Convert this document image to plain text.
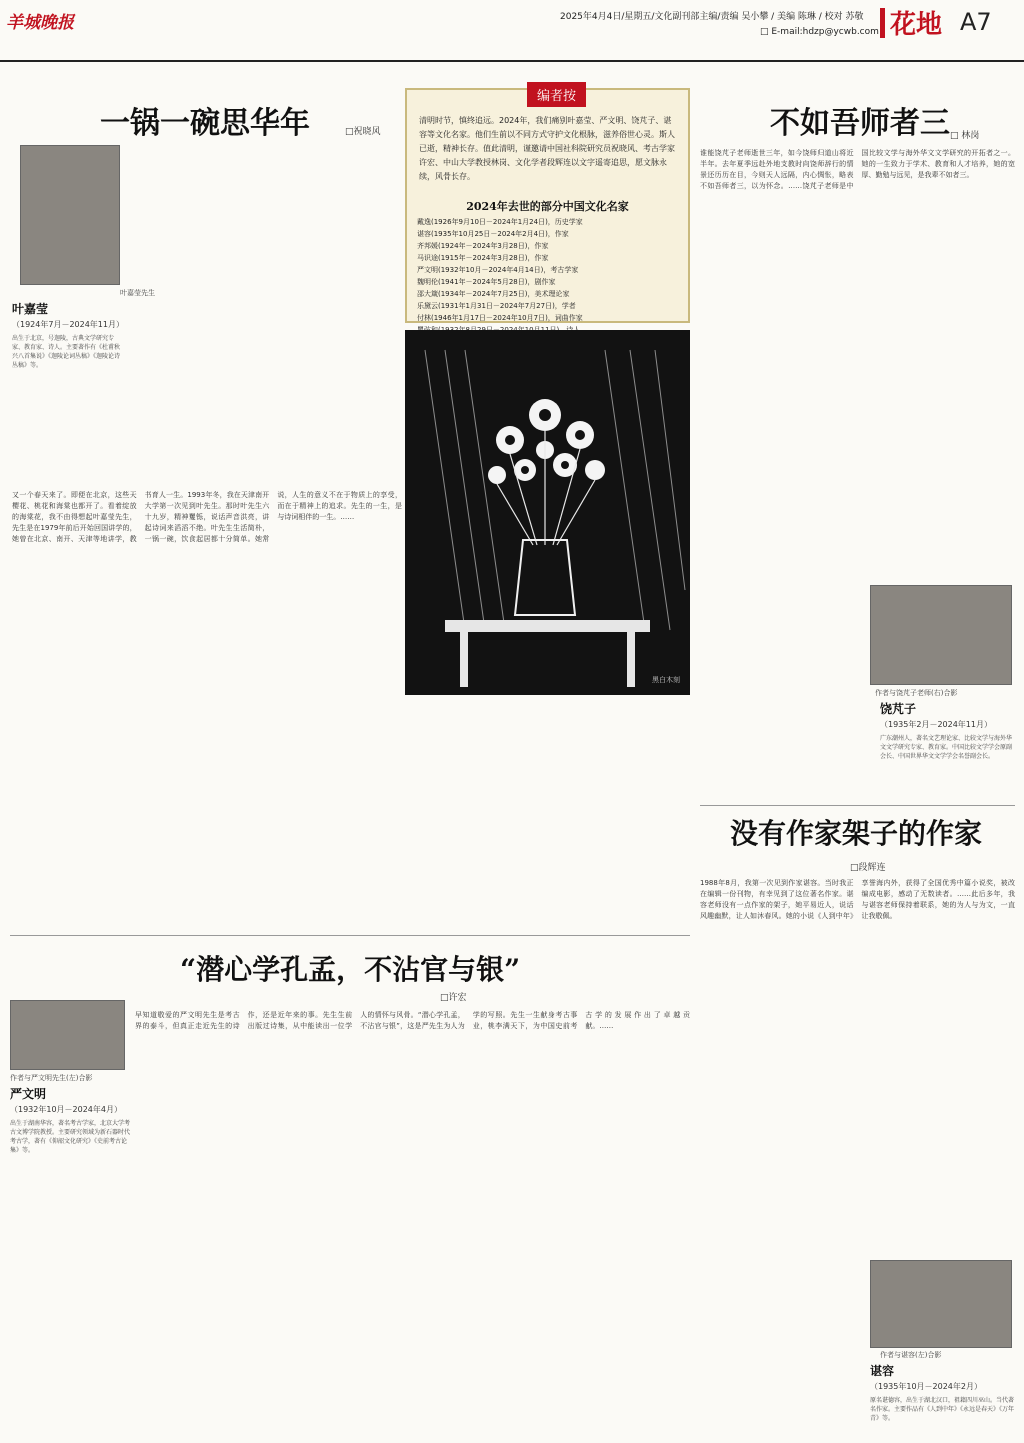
羊城晚报	2025年4月4日/星期五/文化副刊部主编/责编 吴小攀 / 美编 陈琳 / 校对 苏敬
□ E-mail:hdzp@ycwb.com 花地 A7
一锅一碗思华年	□祝晓风
叶嘉莹先生
叶嘉莹
（1924年7月－2024年11月）
出生于北京，号迦陵，古典文学研究专家、教育家、诗人。主要著作有《杜甫秋兴八首集说》《迦陵论词丛稿》《迦陵论诗丛稿》等。
又一个春天来了。即便在北京，这些天樱花、桃花和海棠也都开了。看着绽放的海棠花，我不由得想起叶嘉莹先生，先生是在1979年前后开始回国讲学的，她曾在北京、南开、天津等地讲学，教书育人一生。1993年冬，我在天津南开大学第一次见到叶先生。那时叶先生六十九岁，精神矍铄，说话声音洪亮，讲起诗词来滔滔不绝。叶先生生活简朴，一锅一碗，饮食起居都十分简单。她常说，人生的意义不在于物质上的享受，而在于精神上的追求。先生的一生，是与诗词相伴的一生。……
编者按
清明时节，慎终追远。2024年，我们痛别叶嘉莹、严文明、饶芃子、谌容等文化名家。他们生前以不同方式守护文化根脉，滋养俗世心灵。斯人已逝，精神长存。值此清明，谨邀请中国社科院研究员祝晓风、考古学家许宏、中山大学教授林岗、文化学者段辉连以文字遥寄追思，愿文脉永续，风骨长存。
2024年去世的部分中国文化名家
戴逸(1926年9月10日－2024年1月24日)，历史学家
谌容(1935年10月25日－2024年2月4日)，作家
齐邦媛(1924年－2024年3月28日)，作家
马识途(1915年－2024年3月28日)，作家
严文明(1932年10月－2024年4月14日)，考古学家
魏明伦(1941年－2024年5月28日)，剧作家
邵大箴(1934年－2024年7月25日)，美术理论家
乐黛云(1931年1月31日－2024年7月27日)，学者
付林(1946年1月17日－2024年10月7日)，词曲作家
黑白木刻
不如吾师者三 □ 林岗
谁能饶芃子老师逝世三年，如今饶师归道山将近半年。去年夏季远赴外地支教时向饶师辞行的情景还历历在目，今则天人远隔，内心惆怅，略表不如吾师者三，以为怀念。……饶芃子老师是中国比较文学与海外华文文学研究的开拓者之一。她的一生致力于学术、教育和人才培养，她的宽厚、勤勉与远见，是我辈不如者三。
作者与饶芃子老师(右)合影
饶芃子
（1935年2月－2024年11月）
广东潮州人，著名文艺理论家、比较文学与海外华文文学研究专家、教育家。中国比较文学学会原副会长、中国世界华文文学学会名誉副会长。
没有作家架子的作家
□段辉连
1988年8月，我第一次见到作家谌容。当时我正在编辑一份刊物，有幸见到了这位著名作家。谌容老师没有一点作家的架子，她平易近人，说话风趣幽默，让人如沐春风。她的小说《人到中年》享誉海内外，获得了全国优秀中篇小说奖，被改编成电影，感动了无数读者。……此后多年，我与谌容老师保持着联系，她的为人与为文，一直让我敬佩。
作者与谌容(左)合影
谌容
（1935年10月－2024年2月）
原名谌德容，出生于湖北汉口，祖籍四川巫山。当代著名作家。主要作品有《人到中年》《永远是春天》《万年青》等。
“潜心学孔孟，不沾官与银”
□许宏
作者与严文明先生(左)合影
严文明
（1932年10月－2024年4月）
出生于湖南华容，著名考古学家，北京大学考古文博学院教授。主要研究领域为新石器时代考古学，著有《仰韶文化研究》《史前考古论集》等。
早知道敬爱的严文明先生是考古界的泰斗，但真正走近先生的诗作，还是近年来的事。先生生前出版过诗集，从中能读出一位学人的情怀与风骨。“潜心学孔孟，不沾官与银”，这是严先生为人为学的写照。先生一生献身考古事业，桃李满天下，为中国史前考古学的发展作出了卓越贡献。……
